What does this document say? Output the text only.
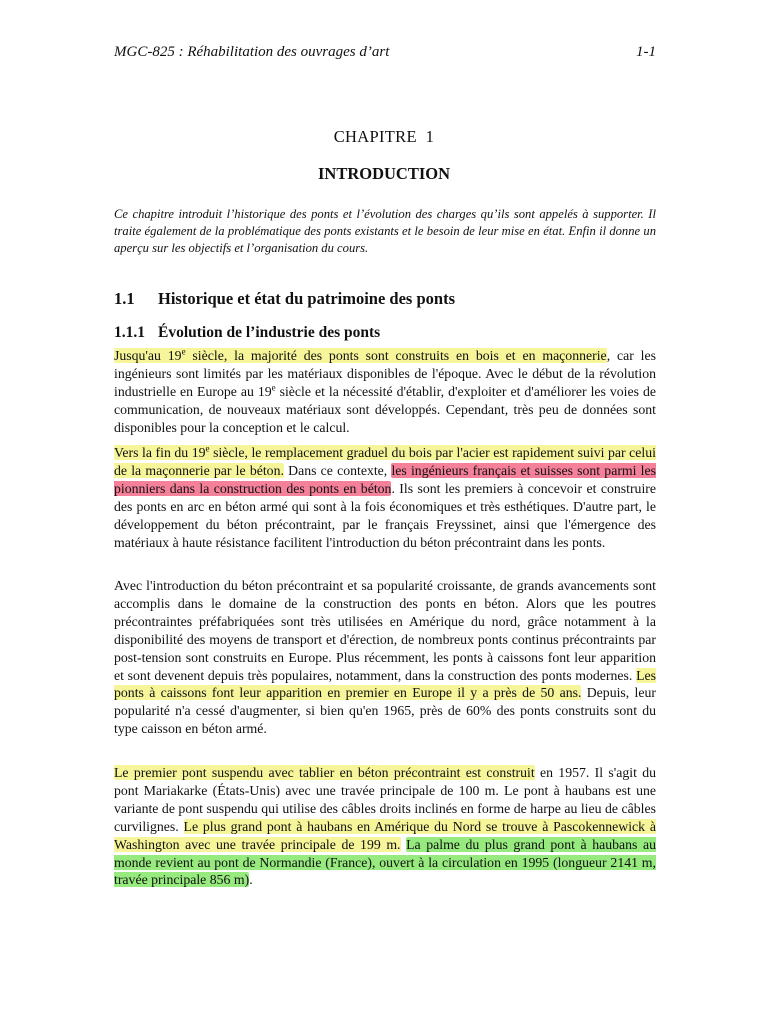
MGC-825 : Réhabilitation des ouvrages d’art	1-1
CHAPITRE  1
INTRODUCTION

Ce chapitre introduit l’historique des ponts et l’évolution des charges qu’ils sont appelés à supporter. Il traite également de la problématique des ponts existants et le besoin de leur mise en état. Enfin il donne un aperçu sur les objectifs et l’organisation du cours.

1.1 Historique et état du patrimoine des ponts
1.1.1 Évolution de l’industrie des ponts

Jusqu'au 19e siècle, la majorité des ponts sont construits en bois et en maçonnerie, car les ingénieurs sont limités par les matériaux disponibles de l'époque. Avec le début de la révolution industrielle en Europe au 19e siècle et la nécessité d'établir, d'exploiter et d'améliorer les voies de communication, de nouveaux matériaux sont développés. Cependant, très peu de données sont disponibles pour la conception et le calcul.

Vers la fin du 19e siècle, le remplacement graduel du bois par l'acier est rapidement suivi par celui de la maçonnerie par le béton. Dans ce contexte, les ingénieurs français et suisses sont parmi les pionniers dans la construction des ponts en béton. Ils sont les premiers à concevoir et construire des ponts en arc en béton armé qui sont à la fois économiques et très esthétiques. D'autre part, le développement du béton précontraint, par le français Freyssinet, ainsi que l'émergence des matériaux à haute résistance facilitent l'introduction du béton précontraint dans les ponts.

Avec l'introduction du béton précontraint et sa popularité croissante, de grands avancements sont accomplis dans le domaine de la construction des ponts en béton. Alors que les poutres précontraintes préfabriquées sont très utilisées en Amérique du nord, grâce notamment à la disponibilité des moyens de transport et d'érection, de nombreux ponts continus précontraints par post-tension sont construits en Europe. Plus récemment, les ponts à caissons font leur apparition et sont devenent depuis très populaires, notamment, dans la construction des ponts modernes. Les ponts à caissons font leur apparition en premier en Europe il y a près de 50 ans. Depuis, leur popularité n'a cessé d'augmenter, si bien qu'en 1965, près de 60% des ponts construits sont du type caisson en béton armé.

Le premier pont suspendu avec tablier en béton précontraint est construit en 1957. Il s'agit du pont Mariakarke (États-Unis) avec une travée principale de 100 m. Le pont à haubans est une variante de pont suspendu qui utilise des câbles droits inclinés en forme de harpe au lieu de câbles curvilignes. Le plus grand pont à haubans en Amérique du Nord se trouve à Pascokennewick à Washington avec une travée principale de 199 m. La palme du plus grand pont à haubans au monde revient au pont de Normandie (France), ouvert à la circulation en 1995 (longueur 2141 m, travée principale 856 m).
